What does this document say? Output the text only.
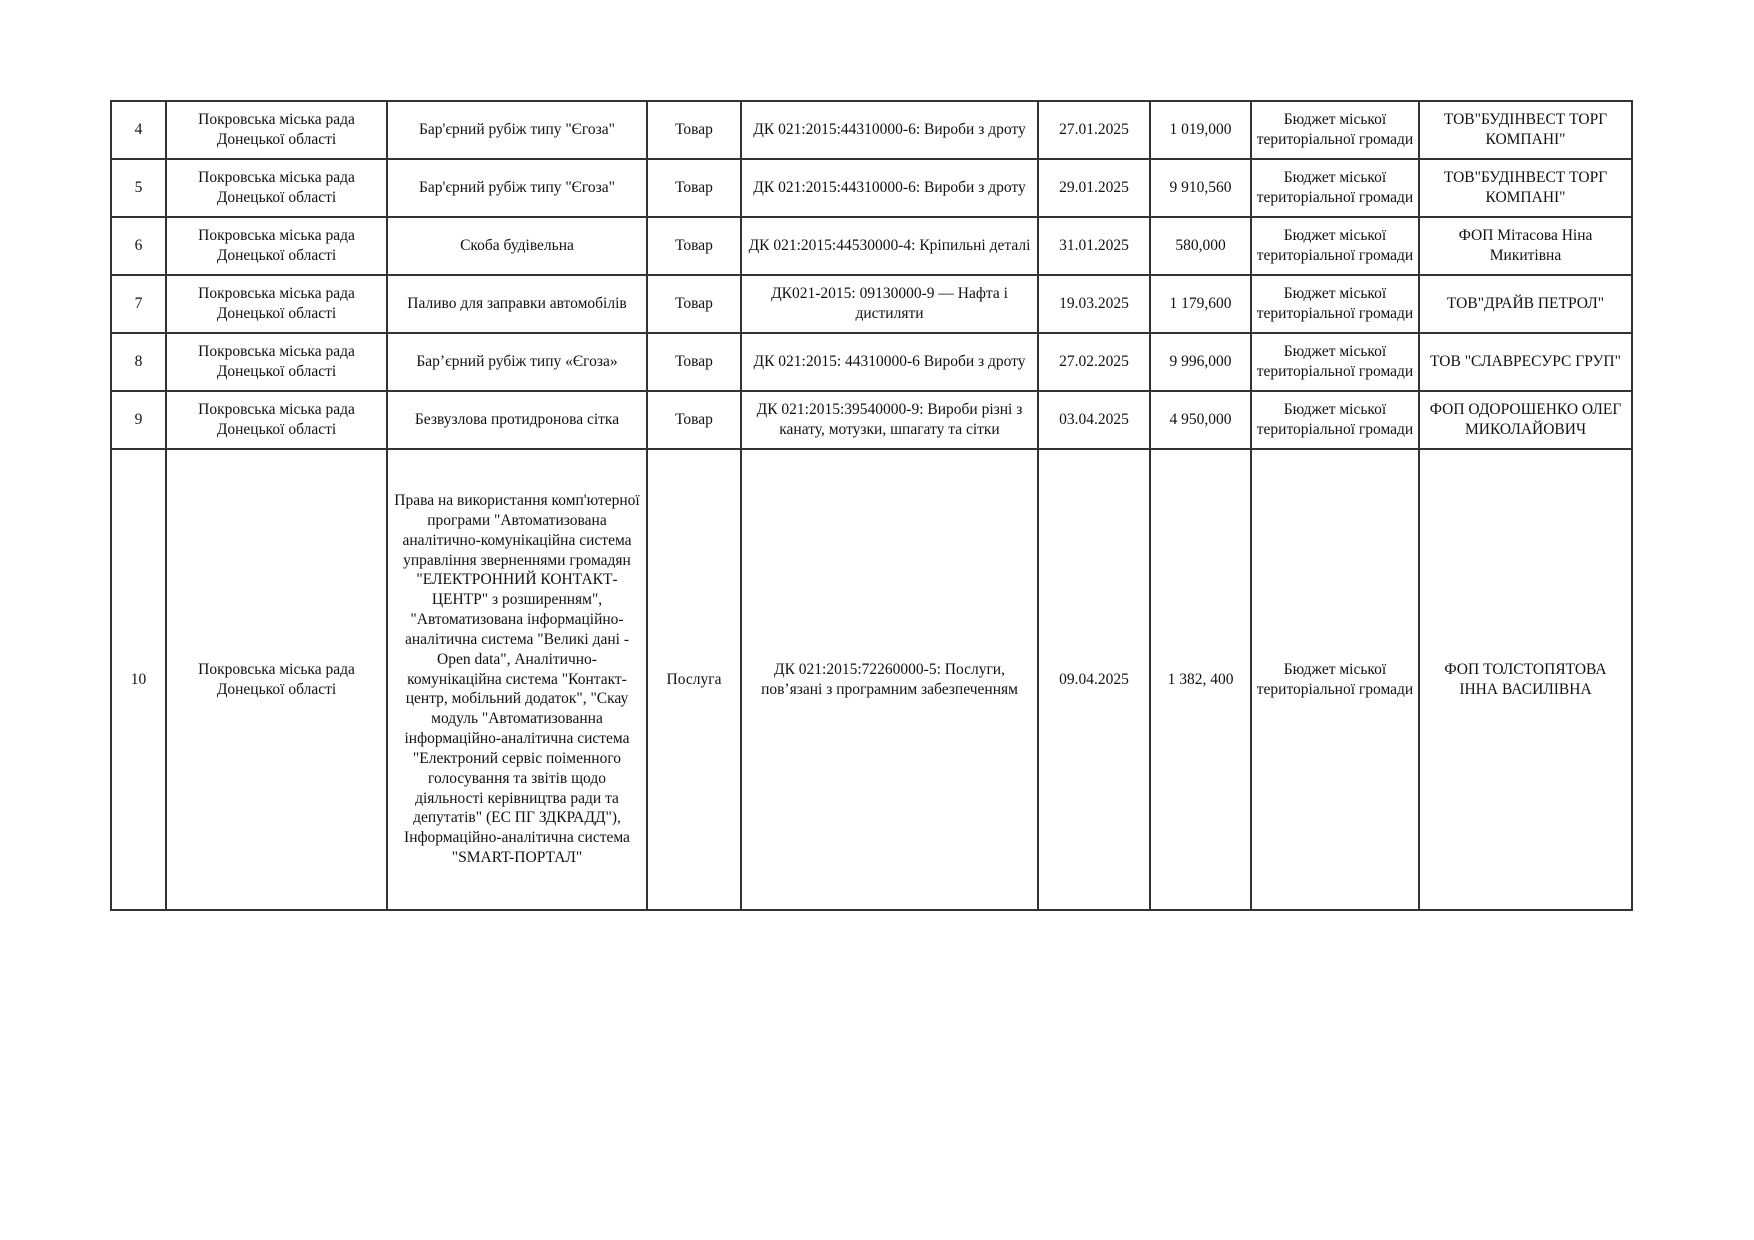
4	Покровська міська рада Донецької області	Бар'єрний рубіж типу "Єгоза"	Товар	ДК 021:2015:44310000-6: Вироби з дроту	27.01.2025	1 019,000	Бюджет міської територіальної громади	ТОВ"БУДІНВЕСТ ТОРГ КОМПАНІ"
5	Покровська міська рада Донецької області	Бар'єрний рубіж типу "Єгоза"	Товар	ДК 021:2015:44310000-6: Вироби з дроту	29.01.2025	9 910,560	Бюджет міської територіальної громади	ТОВ"БУДІНВЕСТ ТОРГ КОМПАНІ"
6	Покровська міська рада Донецької області	Скоба будівельна	Товар	ДК 021:2015:44530000-4: Кріпильні деталі	31.01.2025	580,000	Бюджет міської територіальної громади	ФОП Мітасова Ніна Микитівна
7	Покровська міська рада Донецької області	Паливо для заправки автомобілів	Товар	ДК021-2015: 09130000-9 — Нафта і дистиляти	19.03.2025	1 179,600	Бюджет міської територіальної громади	ТОВ"ДРАЙВ ПЕТРОЛ"
8	Покровська міська рада Донецької області	Бар’єрний рубіж типу «Єгоза»	Товар	ДК 021:2015: 44310000-6 Вироби з дроту	27.02.2025	9 996,000	Бюджет міської територіальної громади	ТОВ "СЛАВРЕСУРС ГРУП"
9	Покровська міська рада Донецької області	Безвузлова протидронова сітка	Товар	ДК 021:2015:39540000-9: Вироби різні з канату, мотузки, шпагату та сітки	03.04.2025	4 950,000	Бюджет міської територіальної громади	ФОП ОДОРОШЕНКО ОЛЕГ МИКОЛАЙОВИЧ
10	Покровська міська рада Донецької області	Права на використання комп'ютерної програми "Автоматизована аналітично-комунікаційна система управління зверненнями громадян "ЕЛЕКТРОННИЙ КОНТАКТ-ЦЕНТР" з розширенням", "Автоматизована інформаційно-аналітична система "Великі дані - Open data", Аналітично-комунікаційна система "Контакт-центр, мобільний додаток", "Скау модуль "Автоматизованна інформаційно-аналітична система "Електроний сервіс поіменного голосування та звітів щодо діяльності керівництва ради та депутатів" (ЕС ПГ ЗДКРАДД"), Інформаційно-аналітична система "SMART-ПОРТАЛ"	Послуга	ДК 021:2015:72260000-5: Послуги, пов’язані з програмним забезпеченням	09.04.2025	1 382, 400	Бюджет міської територіальної громади	ФОП ТОЛСТОПЯТОВА ІННА ВАСИЛІВНА
